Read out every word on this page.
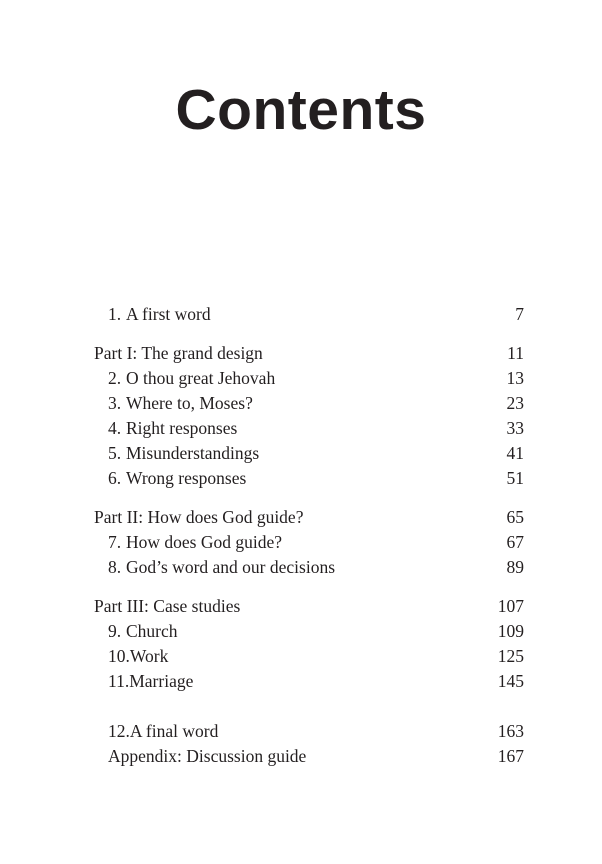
Contents
1. A first word	7
Part I: The grand design	11
2. O thou great Jehovah	13
3. Where to, Moses?	23
4. Right responses	33
5. Misunderstandings	41
6. Wrong responses	51
Part II: How does God guide?	65
7. How does God guide?	67
8. God’s word and our decisions	89
Part III: Case studies	107
9. Church	109
10.Work	125
11.Marriage	145
12.A final word	163
Appendix: Discussion guide	167
